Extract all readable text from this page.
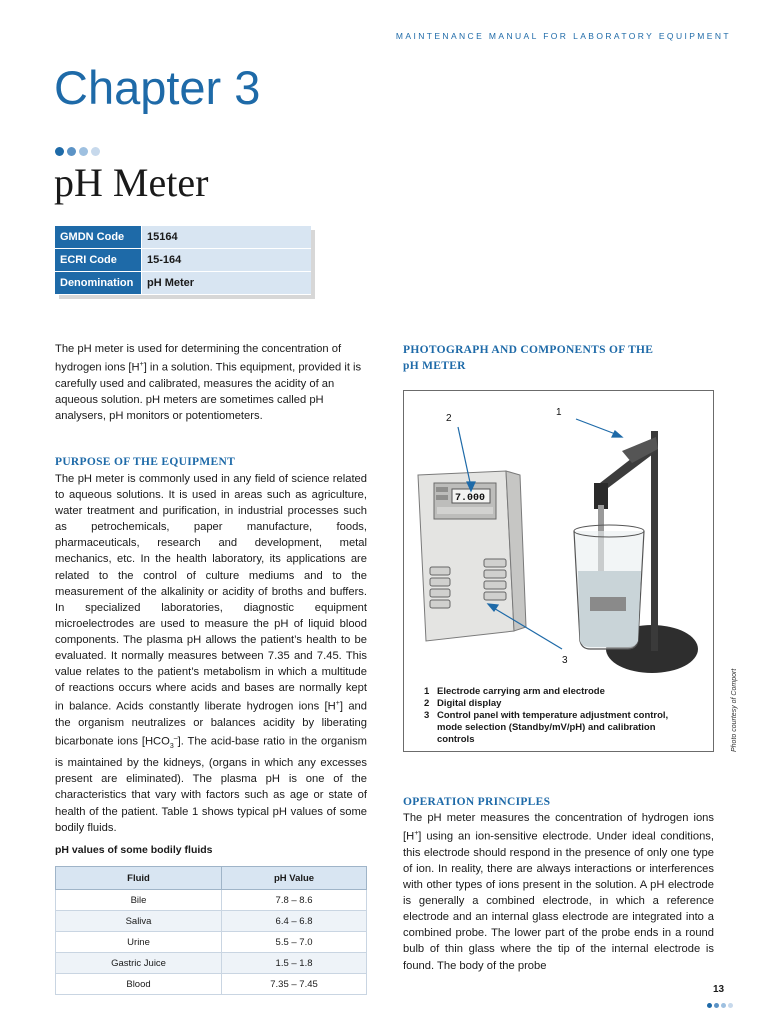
MAINTENANCE MANUAL FOR LABORATORY EQUIPMENT
Chapter 3
pH Meter
GMDN Code	15164
ECRI Code	15-164
Denomination	pH Meter

The pH meter is used for determining the concentration of hydrogen ions [H+] in a solution. This equipment, provided it is carefully used and calibrated, measures the acidity of an aqueous solution. pH meters are sometimes called pH analysers, pH monitors or potentiometers.

PURPOSE OF THE EQUIPMENT

The pH meter is commonly used in any field of science related to aqueous solutions. It is used in areas such as agriculture, water treatment and purification, in industrial processes such as petrochemicals, paper manufacture, foods, pharmaceuticals, research and development, metal mechanics, etc. In the health laboratory, its applications are related to the control of culture mediums and to the measurement of the alkalinity or acidity of broths and buffers. In specialized laboratories, diagnostic equipment microelectrodes are used to measure the pH of liquid blood components. The plasma pH allows the patient’s health to be evaluated. It normally measures between 7.35 and 7.45. This value relates to the patient’s metabolism in which a multitude of reactions occurs where acids and bases are normally kept in balance. Acids constantly liberate hydrogen ions [H+] and the organism neutralizes or balances acidity by liberating bicarbonate ions $[HCO_3^-]$. The acid-base ratio in the organism is maintained by the kidneys, (organs in which any excesses present are eliminated). The plasma pH is one of the characteristics that vary with factors such as age or state of health of the patient. Table 1 shows typical pH values of some bodily fluids.

pH values of some bodily fluids
Fluid	pH Value
Bile	7.8 – 8.6
Saliva	6.4 – 6.8
Urine	5.5 – 7.0
Gastric Juice	1.5 – 1.8
Blood	7.35 – 7.45
PHOTOGRAPH AND COMPONENTS OF THE
pH METER
7.000
2
1
3
1 Electrode carrying arm and electrode
2 Digital display
3 Control panel with temperature adjustment control, mode selection (Standby/mV/pH) and calibration controls	Photo courtesy of Comport
OPERATION PRINCIPLES

The pH meter measures the concentration of hydrogen ions [H+] using an ion-sensitive electrode. Under ideal conditions, this electrode should respond in the presence of only one type of ion. In reality, there are always interactions or interferences with other types of ions present in the solution. A pH electrode is generally a combined electrode, in which a reference electrode and an internal glass electrode are integrated into a combined probe. The lower part of the probe ends in a round bulb of thin glass where the tip of the internal electrode is found. The body of the probe

13
